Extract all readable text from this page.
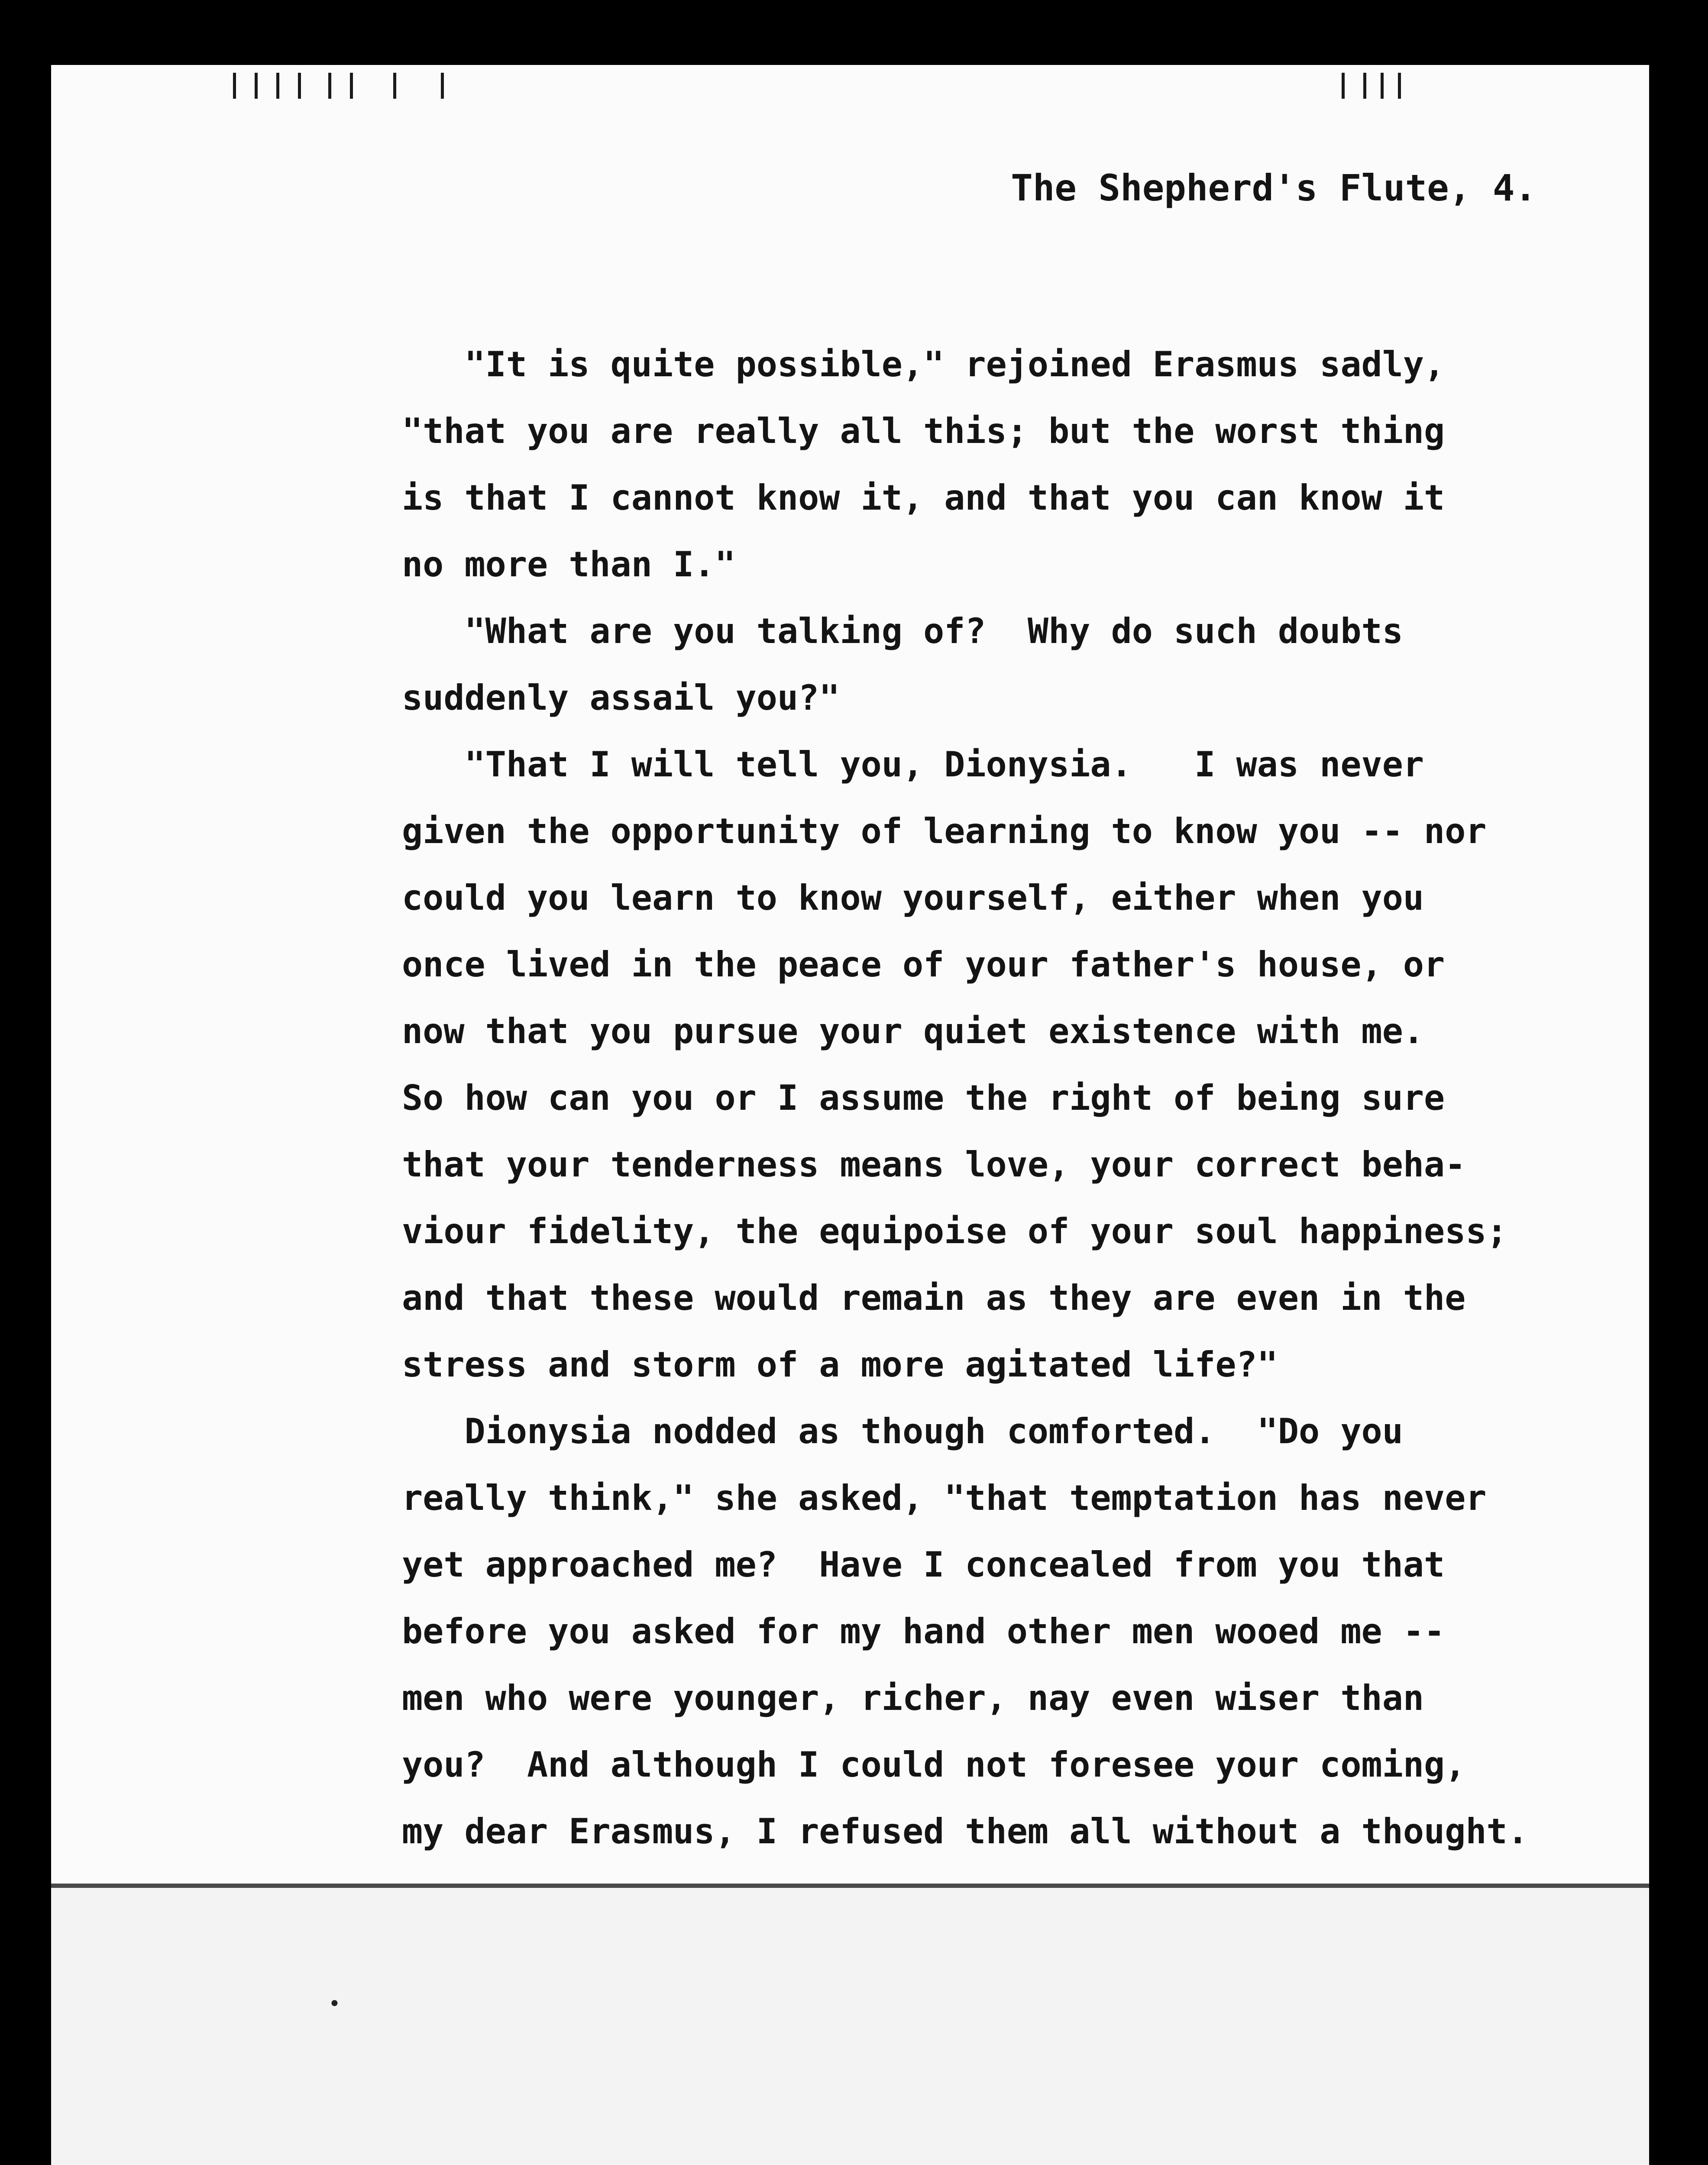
The Shepherd's Flute, 4.
"It is quite possible," rejoined Erasmus sadly,
"that you are really all this; but the worst thing
is that I cannot know it, and that you can know it
no more than I."
"What are you talking of?  Why do such doubts
suddenly assail you?"
"That I will tell you, Dionysia.   I was never
given the opportunity of learning to know you -- nor
could you learn to know yourself, either when you
once lived in the peace of your father's house, or
now that you pursue your quiet existence with me.
So how can you or I assume the right of being sure
that your tenderness means love, your correct beha-
viour fidelity, the equipoise of your soul happiness;
and that these would remain as they are even in the
stress and storm of a more agitated life?"
Dionysia nodded as though comforted.  "Do you
really think," she asked, "that temptation has never
yet approached me?  Have I concealed from you that
before you asked for my hand other men wooed me --
men who were younger, richer, nay even wiser than
you?  And although I could not foresee your coming,
my dear Erasmus, I refused them all without a thought.
•
